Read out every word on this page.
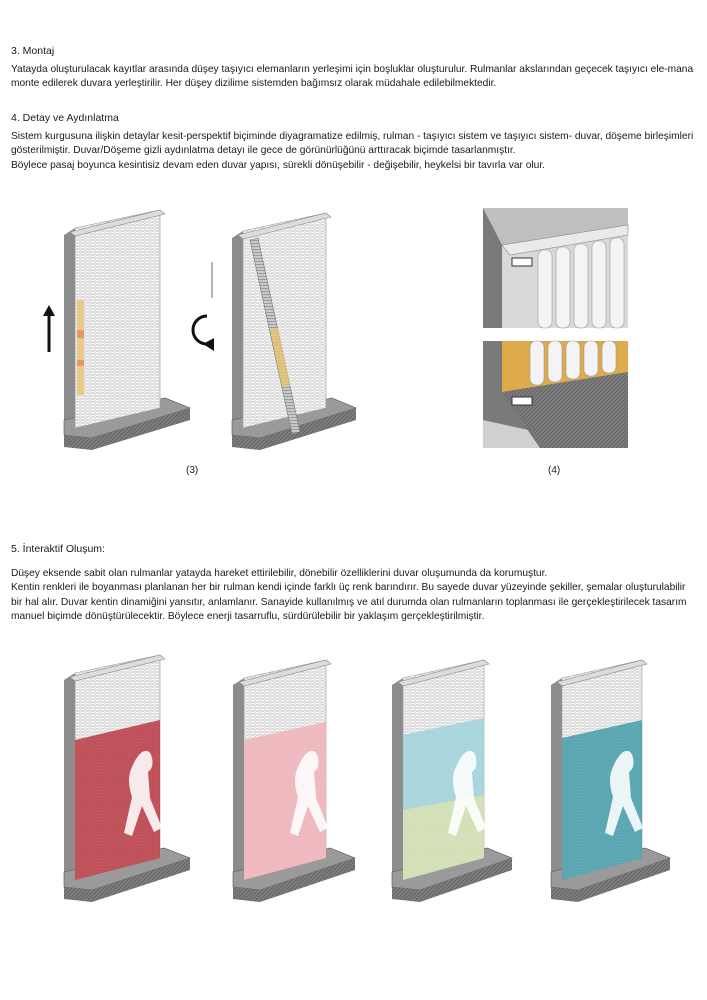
3. Montaj

Yatayda oluşturulacak kayıtlar arasında düşey taşıyıcı elemanların yerleşimi için boşluklar oluşturulur. Rulmanlar akslarından geçecek taşıyıcı ele-mana monte edilerek duvara yerleştirilir. Her düşey dizilime sistemden bağımsız olarak müdahale edilebilmektedir.

4. Detay ve Aydınlatma

Sistem kurgusuna ilişkin detaylar kesit-perspektif biçiminde diyagramatize edilmiş, rulman - taşıyıcı sistem ve taşıyıcı sistem- duvar, döşeme birleşimleri gösterilmiştir. Duvar/Döşeme gizli aydınlatma detayı ile gece de görünürlüğünü arttıracak biçimde tasarlanmıştır.

Böylece pasaj boyunca kesintisiz devam eden duvar yapısı, sürekli dönüşebilir - değişebilir, heykelsi bir tavırla var olur.

5. İnteraktif Oluşum:

Düşey eksende sabit olan rulmanlar yatayda hareket ettirilebilir, dönebilir özelliklerini duvar oluşumunda da korumuştur.

Kentin renkleri ile boyanması planlanan her bir rulman kendi içinde farklı üç renk barındırır. Bu sayede duvar yüzeyinde şekiller, şemalar oluşturulabilir bir hal alır. Duvar kentin dinamiğini yansıtır, anlamlanır. Sanayide kullanılmış ve atıl durumda olan rulmanların toplanması ile gerçekleştirilecek tasarım manuel biçimde dönüştürülecektir. Böylece enerji tasarruflu, sürdürülebilir bir yaklaşım gerçekleştirilmiştir.

(3)	(4)
